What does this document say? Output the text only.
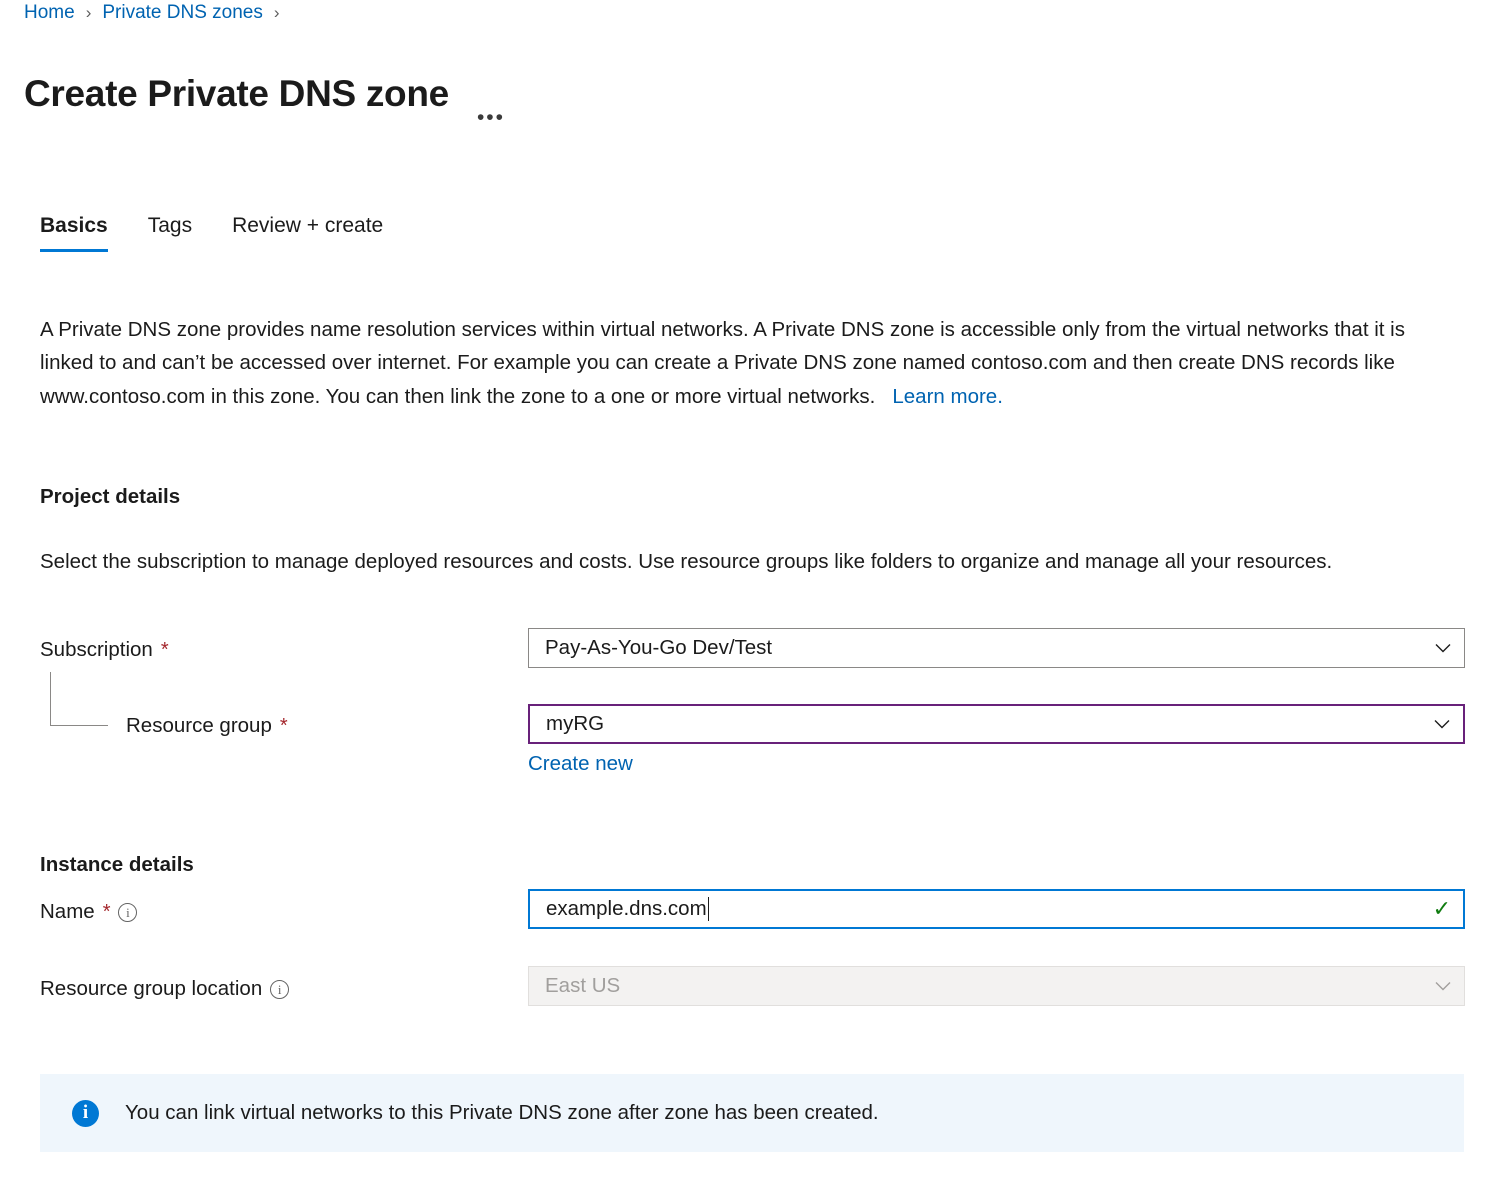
Home › Private DNS zones ›
Create Private DNS zone
•••
Basics Tags Review + create

A Private DNS zone provides name resolution services within virtual networks. A Private DNS zone is accessible only from the virtual networks that it is linked to and can’t be accessed over internet. For example you can create a Private DNS zone named contoso.com and then create DNS records like www.contoso.com in this zone. You can then link the zone to a one or more virtual networks. Learn more.

Project details

Select the subscription to manage deployed resources and costs. Use resource groups like folders to organize and manage all your resources.

Subscription *	Pay-As-You-Go Dev/Test
Resource group *	myRG
Create new
Instance details
Name *	i	example.dns.com	✓
Resource group location	i	East US
i	You can link virtual networks to this Private DNS zone after zone has been created.
